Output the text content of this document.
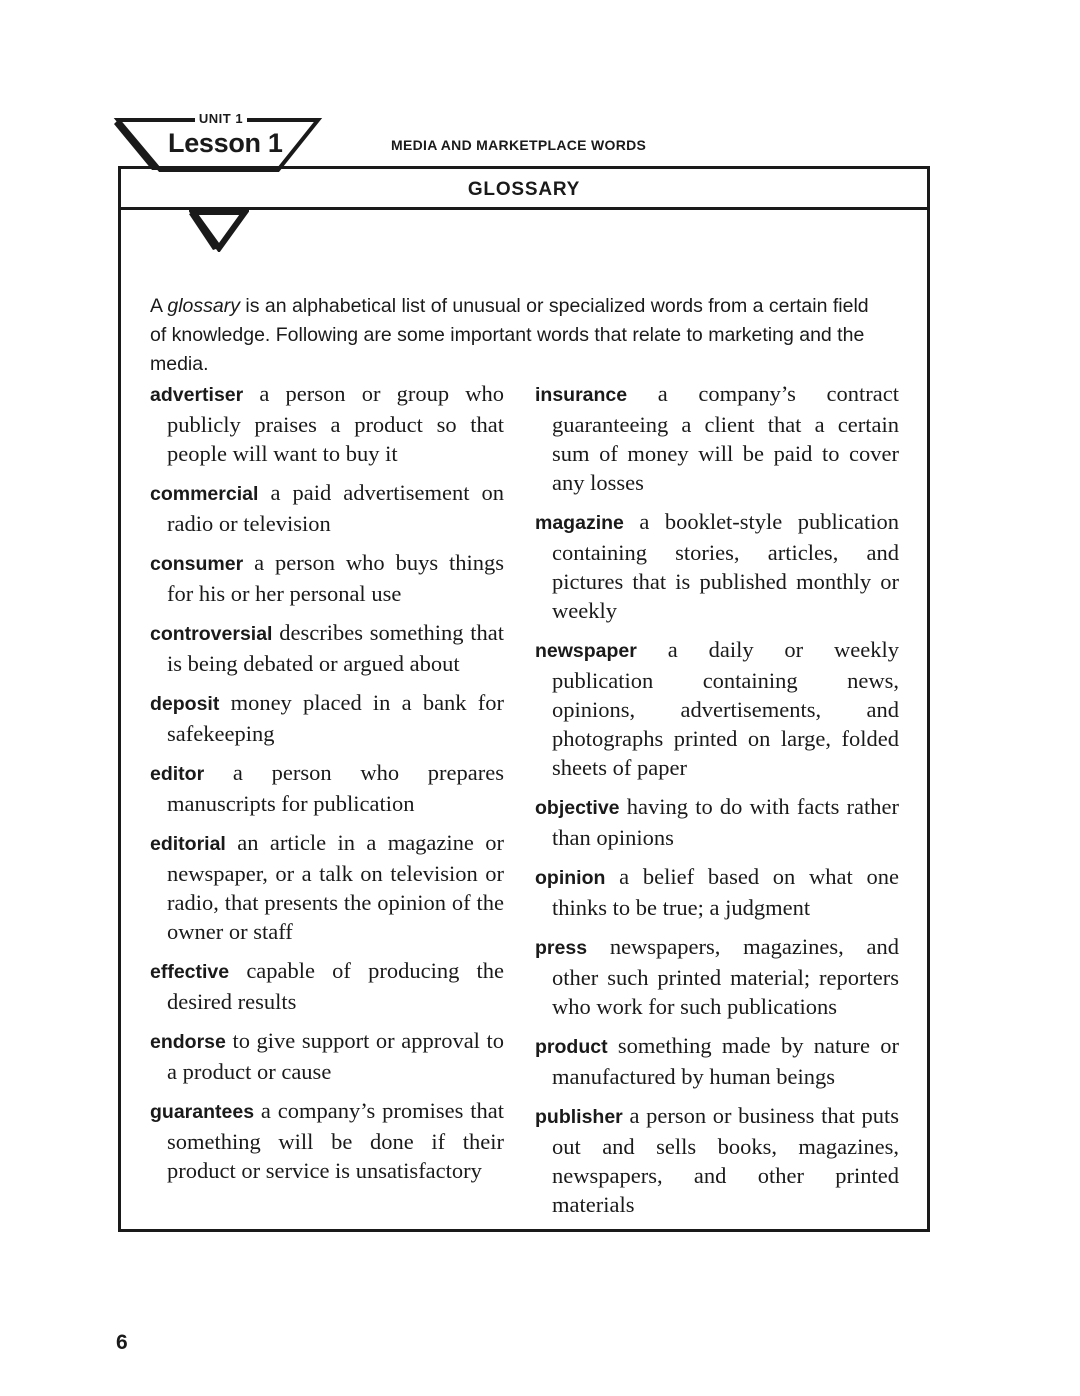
UNIT 1
Lesson 1	MEDIA AND MARKETPLACE WORDS
GLOSSARY

A glossary is an alphabetical list of unusual or specialized words from a certain field of knowledge. Following are some important words that relate to marketing and the media.

advertiser a person or group who publicly praises a product so that people will want to buy it

commercial a paid advertisement on radio or television

consumer a person who buys things for his or her personal use

controversial describes something that is being debated or argued about

deposit money placed in a bank for safekeeping

editor a person who prepares manuscripts for publication

editorial an article in a magazine or newspaper, or a talk on television or radio, that presents the opinion of the owner or staff

effective capable of producing the desired results

endorse to give support or approval to a product or cause

guarantees a company’s promises that something will be done if their product or service is unsatisfactory

insurance a company’s contract guaranteeing a client that a certain sum of money will be paid to cover any losses

magazine a booklet-style publication containing stories, articles, and pictures that is published monthly or weekly

newspaper a daily or weekly publication containing news, opinions, advertisements, and photographs printed on large, folded sheets of paper

objective having to do with facts rather than opinions

opinion a belief based on what one thinks to be true; a judgment

press newspapers, magazines, and other such printed material; reporters who work for such publications

product something made by nature or manufactured by human beings

publisher a person or business that puts out and sells books, magazines, newspapers, and other printed materials

6
